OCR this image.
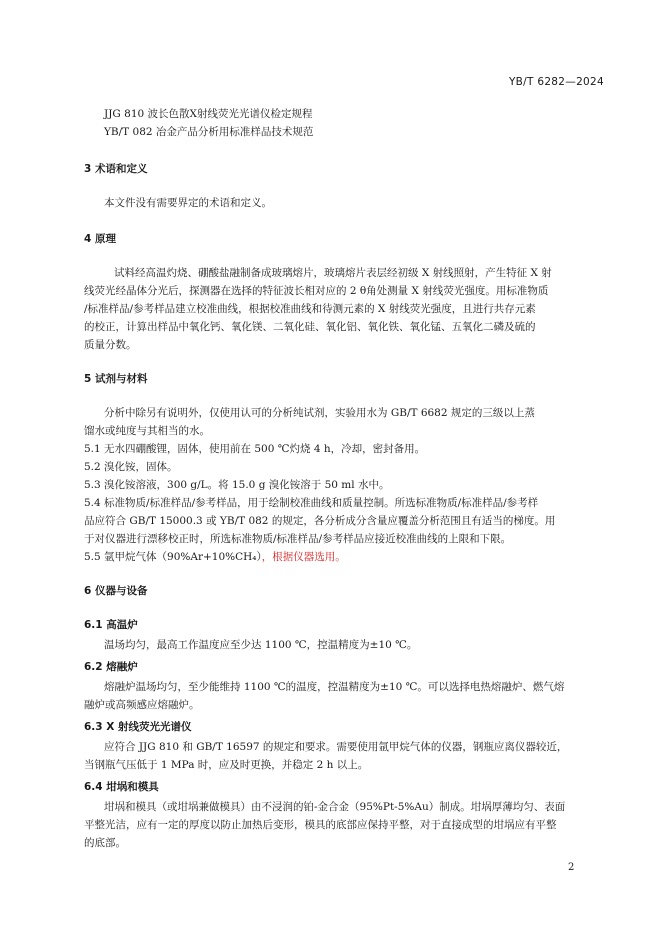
YB/T 6282—2024
JJG 810 波长色散X射线荧光光谱仪检定规程
YB/T 082 冶金产品分析用标准样品技术规范
3 术语和定义
本文件没有需要界定的术语和定义。
4 原理
试料经高温灼烧、硼酸盐融制备成玻璃熔片，玻璃熔片表层经初级 X 射线照射，产生特征 X 射
线荧光经晶体分光后，探测器在选择的特征波长相对应的 2 θ角处测量 X 射线荧光强度。用标准物质
/标准样品/参考样品建立校准曲线，根据校准曲线和待测元素的 X 射线荧光强度，且进行共存元素
的校正，计算出样品中氧化钙、氧化镁、二氧化硅、氧化铝、氧化铁、氧化锰、五氧化二磷及硫的
质量分数。
5 试剂与材料
分析中除另有说明外，仅使用认可的分析纯试剂，实验用水为 GB/T 6682 规定的三级以上蒸
馏水或纯度与其相当的水。
5.1 无水四硼酸锂，固体，使用前在 500 ℃灼烧 4 h，冷却，密封备用。
5.2 溴化铵，固体。
5.3 溴化铵溶液，300 g/L。将 15.0 g 溴化铵溶于 50 ml 水中。
5.4 标准物质/标准样品/参考样品，用于绘制校准曲线和质量控制。所选标准物质/标准样品/参考样
品应符合 GB/T 15000.3 或 YB/T 082 的规定，各分析成分含量应覆盖分析范围且有适当的梯度。用
于对仪器进行漂移校正时，所选标准物质/标准样品/参考样品应接近校准曲线的上限和下限。
5.5 氩甲烷气体（90%Ar+10%CH₄），根据仪器选用。
6 仪器与设备
6.1 高温炉
温场均匀，最高工作温度应至少达 1100 ℃，控温精度为±10 ℃。
6.2 熔融炉
熔融炉温场均匀，至少能维持 1100 ℃的温度，控温精度为±10 ℃。可以选择电热熔融炉、燃气熔
融炉或高频感应熔融炉。
6.3 X 射线荧光光谱仪
应符合 JJG 810 和 GB/T 16597 的规定和要求。需要使用氩甲烷气体的仪器，钢瓶应离仪器较近，
当钢瓶气压低于 1 MPa 时，应及时更换，并稳定 2 h 以上。
6.4 坩埚和模具
坩埚和模具（或坩埚兼做模具）由不浸润的铂-金合金（95%Pt-5%Au）制成。坩埚厚薄均匀、表面
平整光洁，应有一定的厚度以防止加热后变形，模具的底部应保持平整，对于直接成型的坩埚应有平整
的底部。
2
